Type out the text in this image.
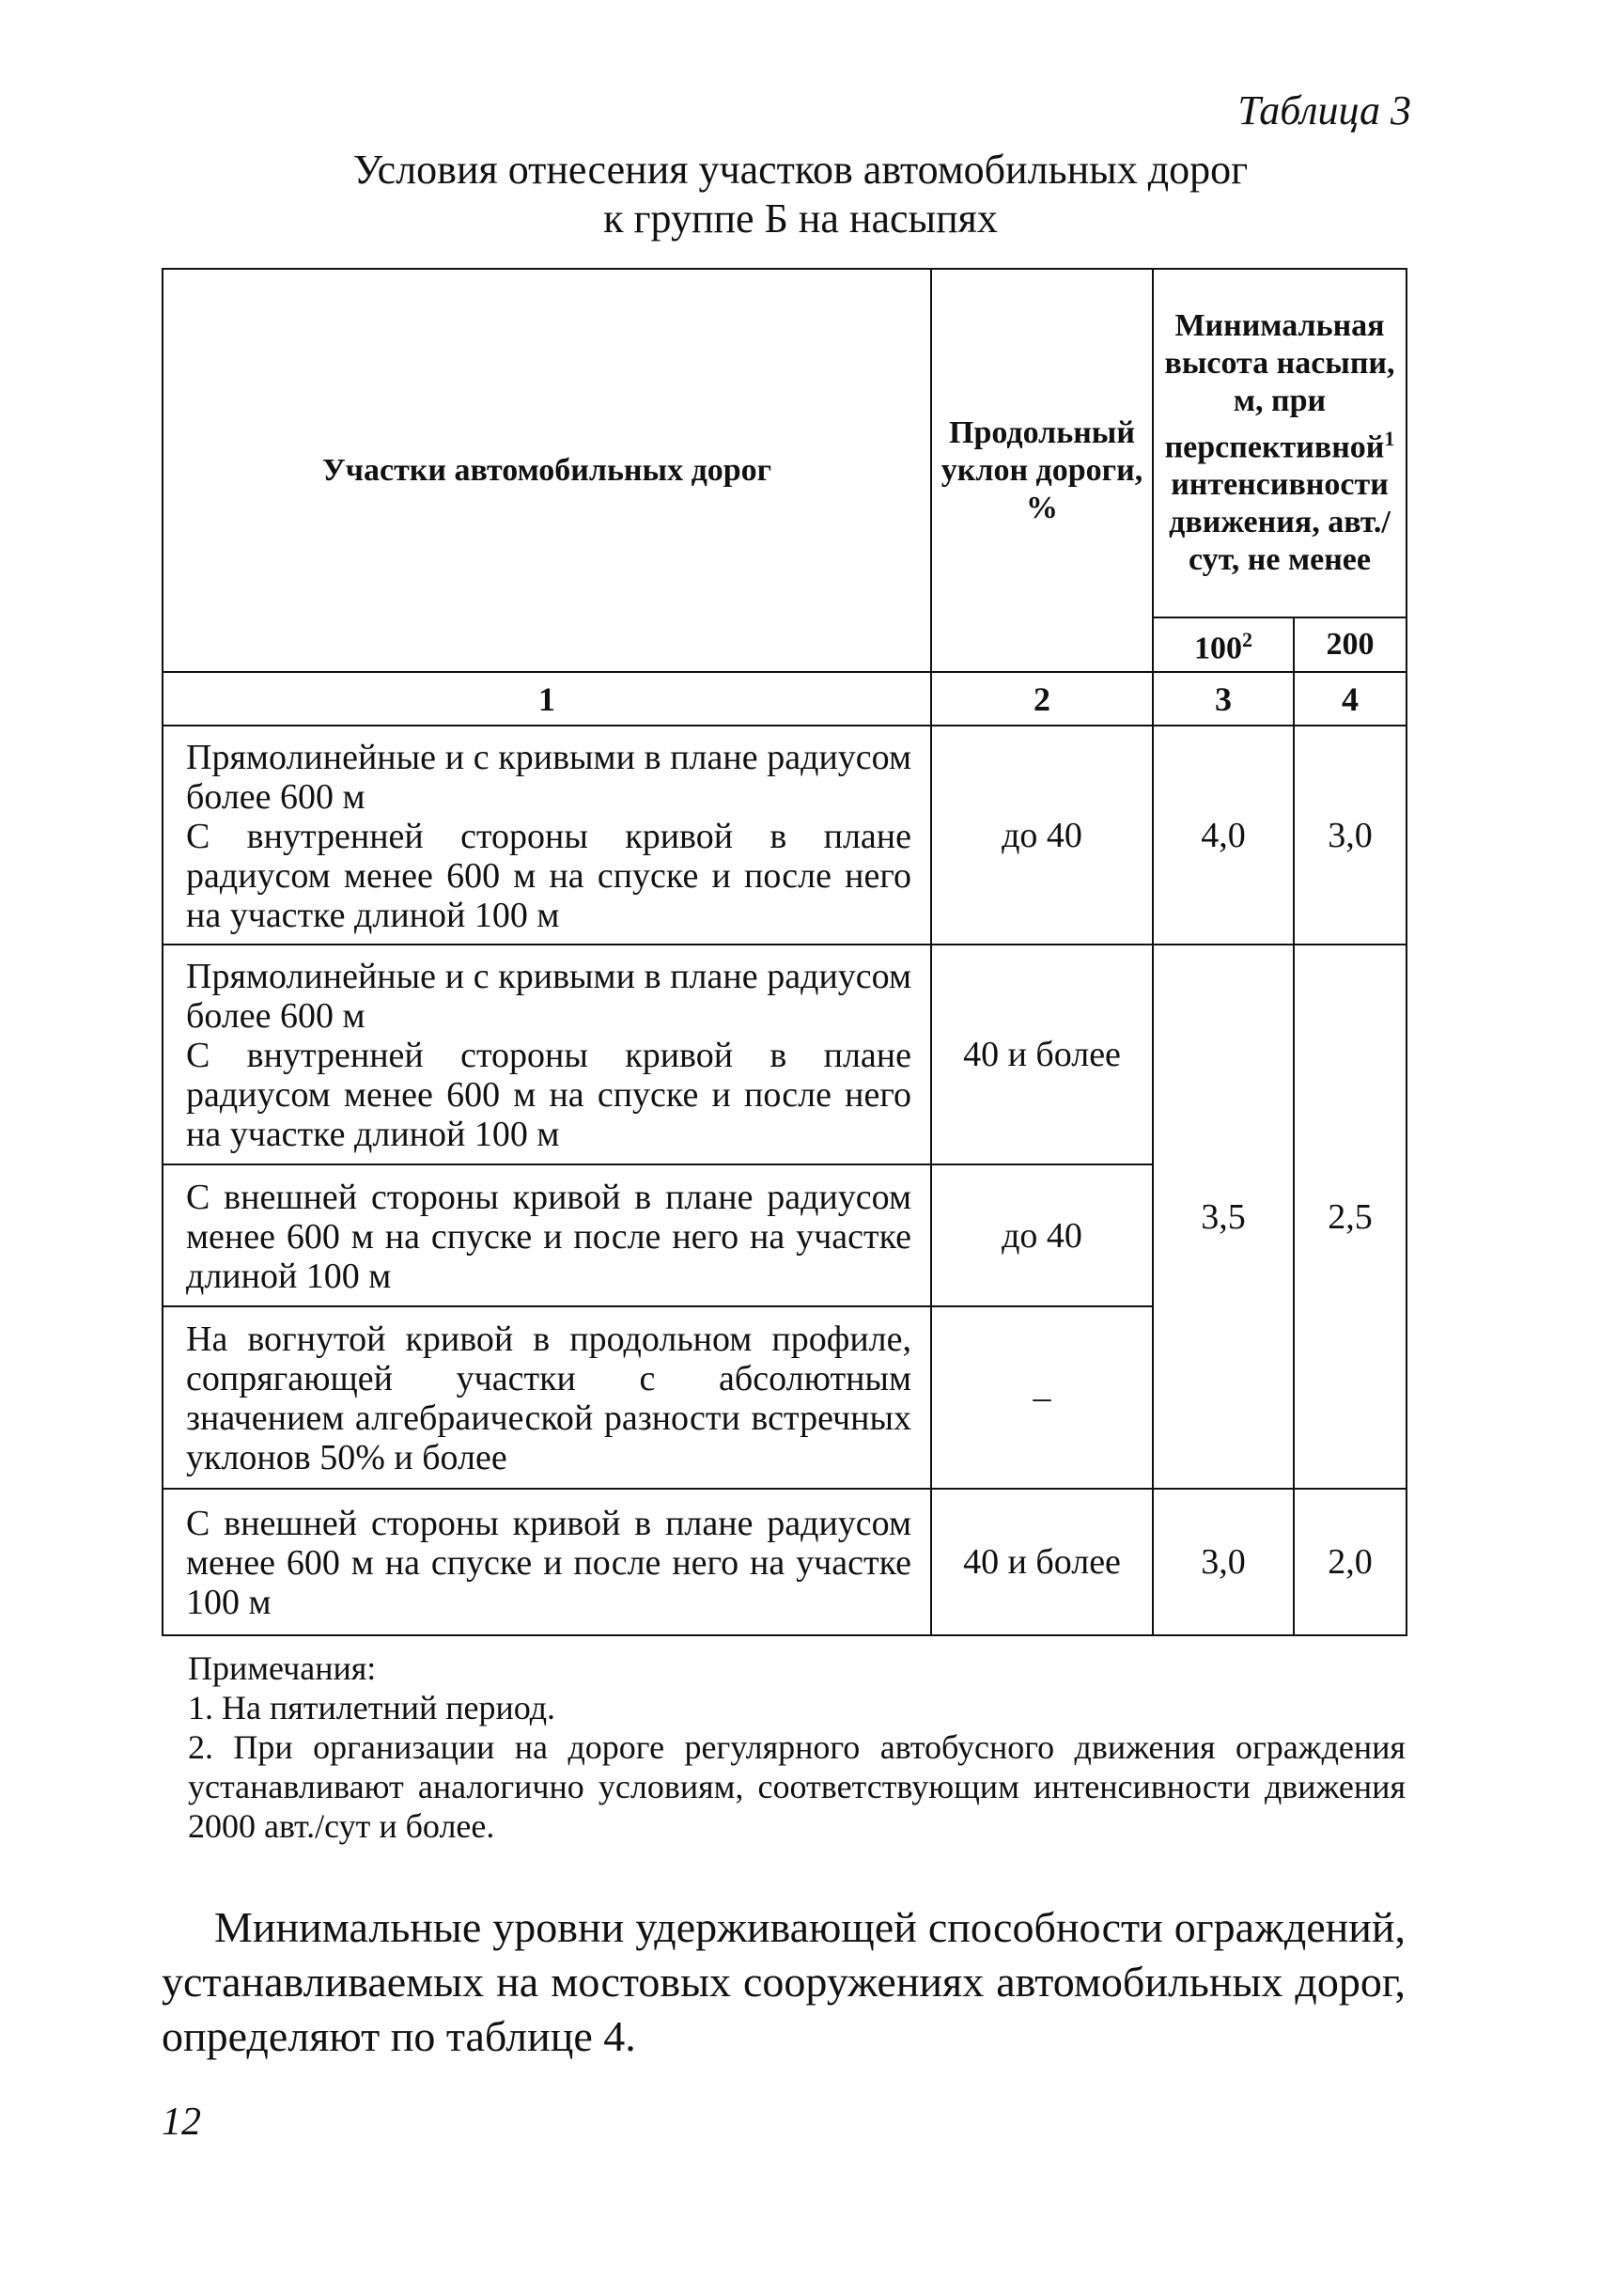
Таблица 3
Условия отнесения участков автомобильных дорог
к группе Б на насыпях
Участки автомобильных дорог	Продольный уклон дороги, %	Минимальная высота насыпи, м, при перспективной$^1$ интенсивности движения, авт./сут, не менее	
		$100^2$	200
1	2	3	4

Прямолинейные и с кривыми в плане радиусом более 600 м
С внутренней стороны кривой в плане радиусом менее 600 м на спуске и после него на участке длиной 100 м	до 40	4,0	3,0

Прямолинейные и с кривыми в плане радиусом более 600 м
С внутренней стороны кривой в плане радиусом менее 600 м на спуске и после него на участке длиной 100 м	40 и более	3,5	2,5

С внешней стороны кривой в плане радиусом менее 600 м на спуске и после него на участке длиной 100 м	до 40		

На вогнутой кривой в продольном профиле, сопрягающей участки с абсолютным значением алгебраической разности встречных уклонов 50% и более	–		

С внешней стороны кривой в плане радиусом менее 600 м на спуске и после него на участке 100 м	40 и более	3,0	2,0
Примечания:
1. На пятилетний период.
2. При организации на дороге регулярного автобусного движения ограждения устанавливают аналогично условиям, соответствующим интенсивности движения 2000 авт./сут и более.
Минимальные уровни удерживающей способности ограждений, устанавливаемых на мостовых сооружениях автомобильных дорог, определяют по таблице 4.
12
